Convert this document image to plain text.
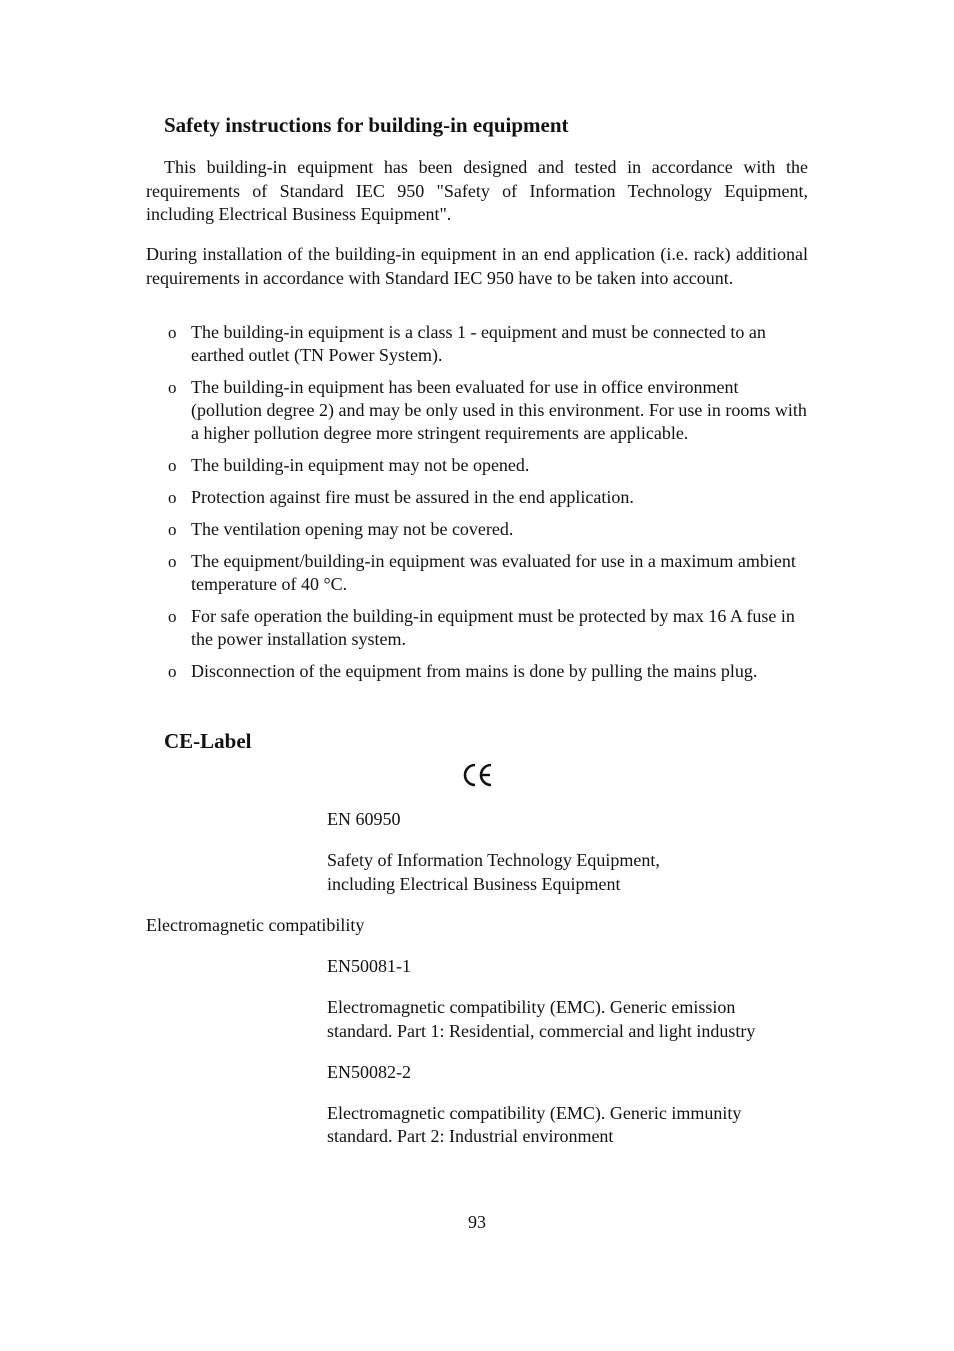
Safety instructions for building-in equipment

This building-in equipment has been designed and tested in accordance with the requirements of Standard IEC 950 "Safety of Information Technology Equipment, including Electrical Business Equipment".

During installation of the building-in equipment in an end application (i.e. rack) additional requirements in accordance with Standard IEC 950 have to be taken into account.

o The building-in equipment is a class 1 - equipment and must be connected to an earthed outlet (TN Power System).
o The building-in equipment has been evaluated for use in office environment (pollution degree 2) and may be only used in this environment. For use in rooms with a higher pollution degree more stringent requirements are applicable.
o The building-in equipment may not be opened.
o Protection against fire must be assured in the end application.
o The ventilation opening may not be covered.
o The equipment/building-in equipment was evaluated for use in a maximum ambient temperature of 40 °C.
o For safe operation the building-in equipment must be protected by max 16 A fuse in the power installation system.
o Disconnection of the equipment from mains is done by pulling the mains plug.
CE-Label

EN 60950

Safety of Information Technology Equipment,

including Electrical Business Equipment

Electromagnetic compatibility

EN50081-1

Electromagnetic compatibility (EMC). Generic emission

standard. Part 1: Residential, commercial and light industry

EN50082-2

Electromagnetic compatibility (EMC). Generic immunity

standard. Part 2: Industrial environment

93
